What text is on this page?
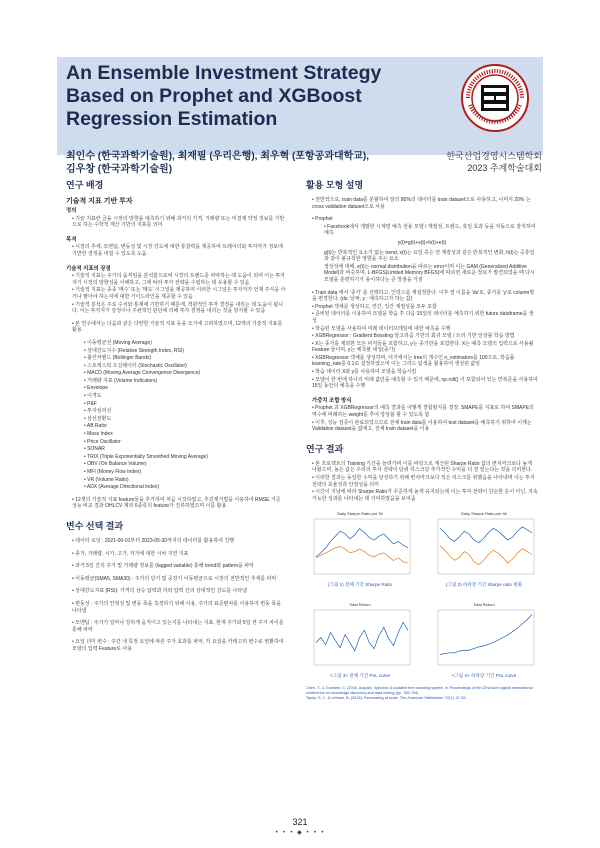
An Ensemble Investment Strategy
Based on Prophet and XGBoost
Regression Estimation
최인수 (한국과학기술원), 최재필 (우리은행), 최우혁 (포항공과대학교),
김우창 (한국과학기술원)
한국산업경영시스템학회
2023 추계학술대회
연구 배경
기술적 지표 기반 투자
정의
• 기술 지표란 금융 시장의 방향을 예측하기 위해 과거의 가격, 거래량 또는 미결제 약정 정보를 기반으로 하는 수학적 계산 기반의 지표를 의미
목적
• 시장의 추세, 모멘텀, 변동성 및 시장 강도에 대한 통찰력을 제공하여 트레이더와 투자자가 정보에 기반한 결정을 내릴 수 있도록 도움
기술적 지표의 장점
• 기술적 지표는 주가의 움직임을 분석함으로써 시장의 트렌드를 파악하는 데 도움이 되며 이는 투자자가 시장의 방향성을 이해하고, 그에 따라 투자 전략을 수립하는 데 유용할 수 있음
• 기술적 지표는 종종 '매수' 또는 '매도' 시그널을 제공하며 이러한 시그널은 투자자가 언제 주식을 사거나 팔아야 하는지에 대한 가이드라인을 제공할 수 있음
• 기술적 분석은 주로 수치와 통계에 기반하기 때문에, 객관적인 투자 결정을 내리는 데 도움이 됩니다. 이는 투자자가 감정이나 주관적인 판단에 의해 투자 결정을 내리는 것을 방지할 수 있음
• 본 연구에서는 다음과 같은 다양한 기술적 지표 등을 조기에 고려하였으며, 12개의 기술적 지표를 활용
• 이동평균선 (Moving Average)
• 상대강도지수 (Relative Strength Index, RSI)
• 볼린저밴드 (Bollinger Bands)
• 스토캐스틱 오실레이터 (Stochastic Oscillator)
• MACD (Moving Average Convergence Divergence)
• 거래량 지표 (Volume Indicators)
• Envelope
• 이격도
• P&F
• 투자심리선
• 삼선전환도
• AB Ratio
• Mass Index
• Price Oscillator
• SONAR
• TRIX (Triple Exponentially Smoothed Moving Average)
• OBV (On Balance Volume)
• MFI (Money Flow Index)
• VR (Volume Ratio)
• ADX (Average Directional Index)
• 12개의 기술적 지표 feature들을 추가하여 처음 시작하였고, 후진제거법을 이용하여 RMSE 기준 성능 비교 결과 OHLCV 제외 6종류의 feature가 진류하였으며 이를 활용
변수 선택 결과
• 데이터 로딩 : 2021-06-01부터 2023-05-30까지의 데이터를 활용하여 진행
• 종가, 거래량, 시가, 고가, 저가에 대한 시차 지연 지표
• 과거 5일 간의 주가 및 거래량 정보를 (lagged variable) 통해 trend와 pattern을 파악
• 이동평균(SMA5, SMA30) : 주가의 단기 및 중장기 이동평균으로 시장의 전반적인 추세를 파악
• 상대강도지표 (RSI): 가격의 상승 압력과 하락 압력 간의 상대적인 강도를 나타냄
• 변동성 : 주가의 안정성 및 변동 폭을 측정하기 위해 사용, 주가의 표준편차를 이용하여 변동 폭을 나타냄
• 모멘텀 : 주가가 얼마나 강하게 움직이고 있는지를 나타내는 지표, 현재 주가와 5일 전 주가 차이를 통해 파악
• 요일 더미 변수 : 주간 내 특정 요일에 따른 주가 효과를 파악, 각 요일을 카테고리 변수로 변환하여 모델의 입력 Feature로 사용
활용 모형 설명
• 전반적으로, train data를 분할하여 앞의 80%의 데이터를 train dataset으로 사용하고, 나머지 20% 는 cross validation dataset으로 사용
• Prophet
• Facebook에서 개발한 시계열 예측 전용 모델 / 계절성, 트렌드, 휴일 효과 등을 자동으로 감지하여 예측
y(t)=g(t)+s(t)+h(t)+e(t)
g(t)는 반복적인 요소가 없는 trend, s(t)는 요일 혹은 연 계절성과 같은 반복적인 변화, h(t)는 공휴일과 같이 불규칙한 영향을 주는 요소
정상성에 대해, e(t)는 normal distribution을 따르는 error이며 이는 GAM (Generalized Additive Model)과 비슷하며, L-BFGS(Limited Memory BFGS)에 따르면 새로운 정보가 발견되었을 때 다시 모델을 훈련하기가 용이하다는 큰 장점을 가짐
• Train data 에서 '종가' 를 선택하고, 인덱스를 재설정한다. 이후 열 이름을 'ds'로, 종가를 'y'로 column명을 변경한다. (ds: 날짜, y : 예측하고자 하는 값)
• Prophet 객체를 생성하고, 연간, 일간 계절성을 모두 포함
• 준비된 데이터를 이용하여 모델을 학습 후 다음 15일의 데이터를 예측하기 위한 future dataframe을 생성
• 학습된 모델을 사용하여 미래 데이터프레임에 대한 예측을 수행
• XGBRegressor : Gradient Boosting 알고리즘 기반의 회귀 모델 / 트리 기반 앙상블 학습 방법
• X는 종가를 제외한 모든 피처들을 포함하고, y는 종가만을 포함한다. X는 예측 모델의 입력으로 사용될 Feature 들이며, y는 예측할 대상(종가)
• XGBRegressor 객체를 생성하며, 여기에서는 tree의 개수인 n_estimators를 100으로, 학습률 learning_rate를 0.1로 설정하였으며 이는 그리드 탐색을 활용하여 생성된 값임
• 학습 데이터 X와 y를 사용하여 모델을 학습시킴
• 모델이 한 번에 하나의 미래 값만을 예측할 수 있기 때문에, np.roll() 이 포함되어 있는 반복문을 사용하여 15일 동안의 예측을 수행
가중치 조합 방식
• Prophet 과 XGBRegressor의 예측 결과를 어떻게 결합할지를 결정. SMAPE를 지표로 하여 SMAPE의 역수에 비례하는 weight를 추어 앙상블 할 수 있도록 함
• 이후, 성능 검증이 완료되었으므로 전체 train data를 이용하여 test dataset을 예측하기 위하여 이제는 Validation dataset을 없애고, 전체 train dataset을 이용
연구 결과
• 본 프로젝트의 Training 기간을 늘려가며 이를 바탕으로 계산된 Sharpe Ratio 값의 변치마크보다 높게 나왔으며, 높은 값은 우리의 투자 전략이 단위 리스크당 추가적인 수익을 더 잘 얻는다는 것을 의미한다.
• 이러한 결과는 동일한 수익을 달성하기 위해 변치마크보다 적은 리스크를 취했음을 나타내며 이는 투자 전략의 효율성과 안정성을 의미
• 시간이 지남에 따라 Sharpe Ratio가 꾸준하게 높게 유지되는데 이는 투자 전략이 단순한 운이 아닌, 지속 가능한 성과를 나타내는 데 기여하였음을 보여줌
Daily Sharpe Ratio per 90
(그림 1) 전체 기간 Sharpe Ratio
Daily Sharpe Ratio per 90
(그림 2) 하락장 기간 sharpe ratio 변화
Total Return
<그림 3> 전체 기간 PnL curve
Total Return
<그림 4> 하락장 기간 PnL curve
Chen, T., & Guestrin, C. (2016, August). Xgboost: A scalable tree boosting system. In Proceedings of the 22nd acm sigkdd international conference on knowledge discovery and data mining (pp. 785-794).
Taylor, S. J., & Letham, B. (2018). Forecasting at scale. The American Statistician, 72(1), 37-45.
321
• • • ◆ • • •
